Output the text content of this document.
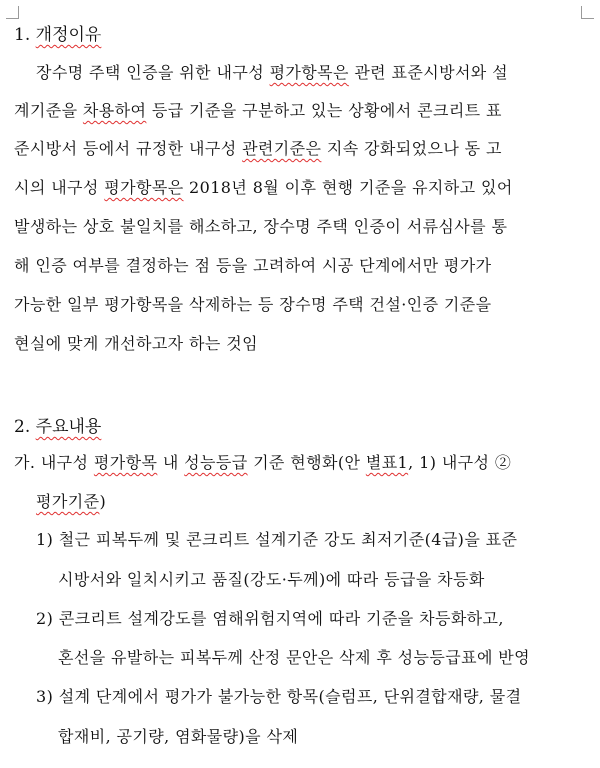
1. 개정이유
장수명 주택 인증을 위한 내구성 평가항목은 관련 표준시방서와 설
계기준을 차용하여 등급 기준을 구분하고 있는 상황에서 콘크리트 표
준시방서 등에서 규정한 내구성 관련기준은 지속 강화되었으나 동 고
시의 내구성 평가항목은 2018년 8월 이후 현행 기준을 유지하고 있어
발생하는 상호 불일치를 해소하고, 장수명 주택 인증이 서류심사를 통
해 인증 여부를 결정하는 점 등을 고려하여 시공 단계에서만 평가가
가능한 일부 평가항목을 삭제하는 등 장수명 주택 건설·인증 기준을
현실에 맞게 개선하고자 하는 것임
2. 주요내용
가. 내구성 평가항목 내 성능등급 기준 현행화(안 별표1, 1) 내구성 ②
평가기준)
1) 철근 피복두께 및 콘크리트 설계기준 강도 최저기준(4급)을 표준
시방서와 일치시키고 품질(강도·두께)에 따라 등급을 차등화
2) 콘크리트 설계강도를 염해위험지역에 따라 기준을 차등화하고,
혼선을 유발하는 피복두께 산정 문안은 삭제 후 성능등급표에 반영
3) 설계 단계에서 평가가 불가능한 항목(슬럼프, 단위결합재량, 물결
합재비, 공기량, 염화물량)을 삭제
